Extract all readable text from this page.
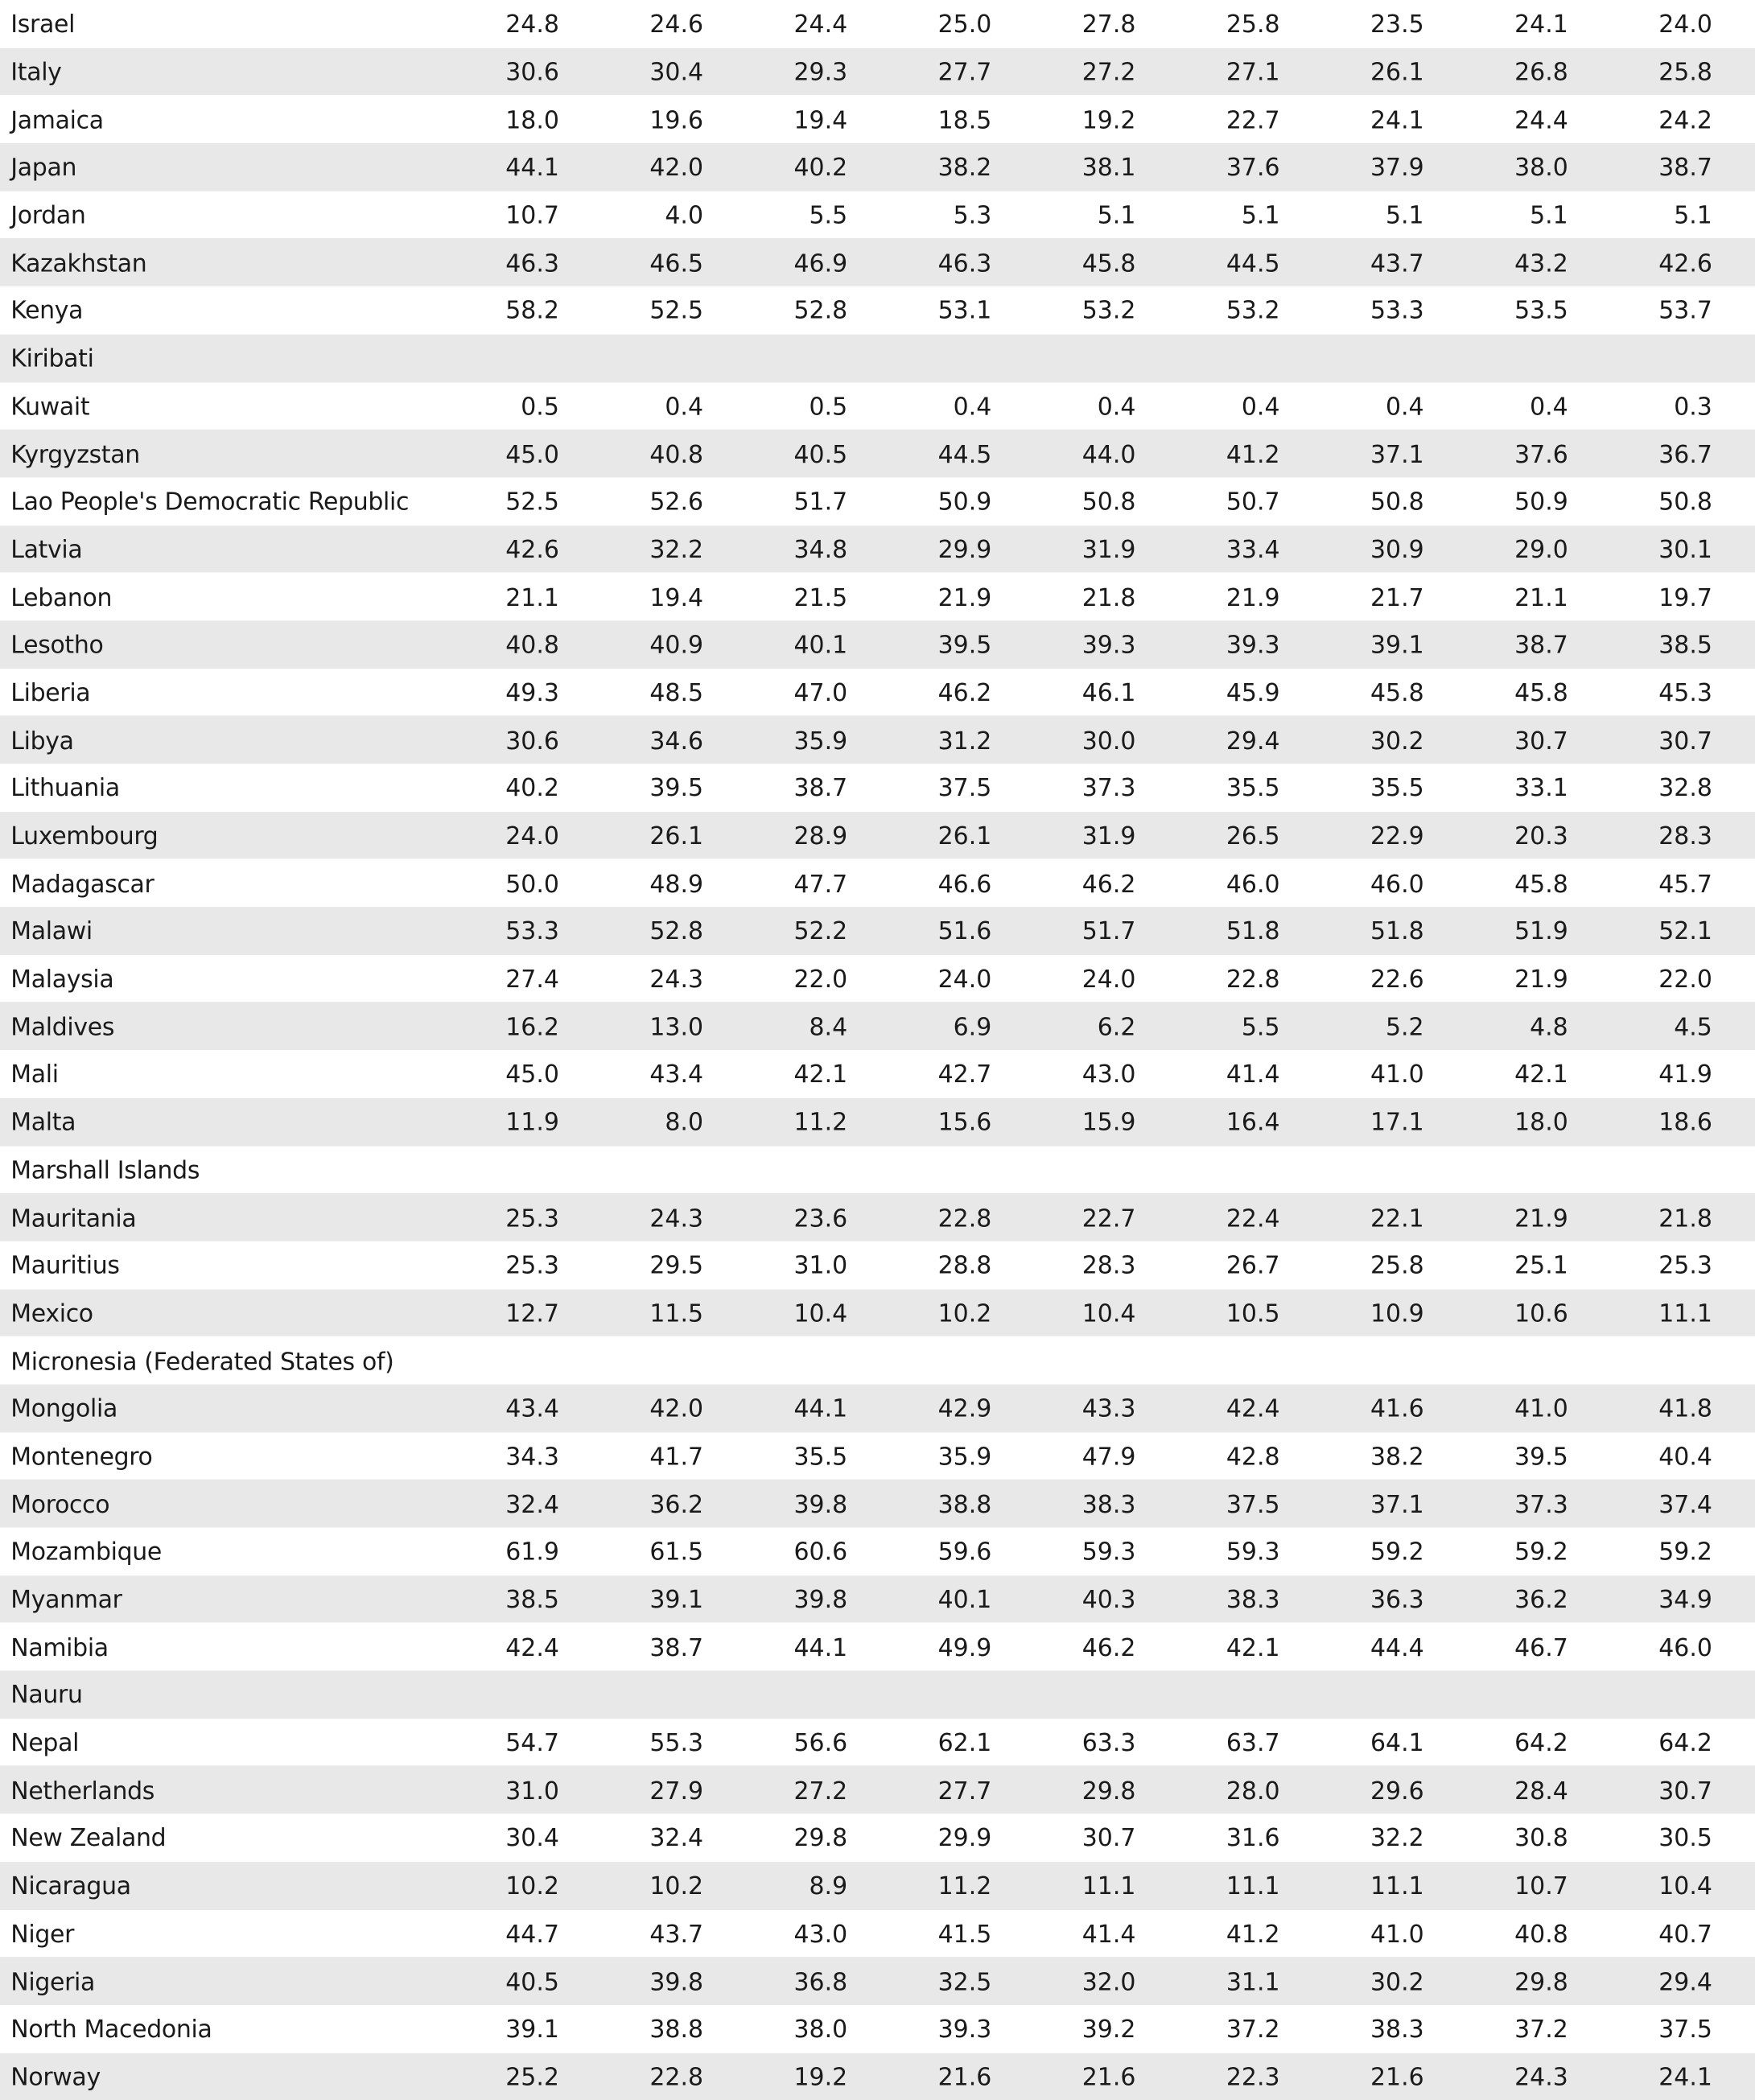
Israel	24.8	24.6	24.4	25.0	27.8	25.8	23.5	24.1	24.0
Italy	30.6	30.4	29.3	27.7	27.2	27.1	26.1	26.8	25.8
Jamaica	18.0	19.6	19.4	18.5	19.2	22.7	24.1	24.4	24.2
Japan	44.1	42.0	40.2	38.2	38.1	37.6	37.9	38.0	38.7
Jordan	10.7	4.0	5.5	5.3	5.1	5.1	5.1	5.1	5.1
Kazakhstan	46.3	46.5	46.9	46.3	45.8	44.5	43.7	43.2	42.6
Kenya	58.2	52.5	52.8	53.1	53.2	53.2	53.3	53.5	53.7
Kiribati
Kuwait	0.5	0.4	0.5	0.4	0.4	0.4	0.4	0.4	0.3
Kyrgyzstan	45.0	40.8	40.5	44.5	44.0	41.2	37.1	37.6	36.7
Lao People's Democratic Republic	52.5	52.6	51.7	50.9	50.8	50.7	50.8	50.9	50.8
Latvia	42.6	32.2	34.8	29.9	31.9	33.4	30.9	29.0	30.1
Lebanon	21.1	19.4	21.5	21.9	21.8	21.9	21.7	21.1	19.7
Lesotho	40.8	40.9	40.1	39.5	39.3	39.3	39.1	38.7	38.5
Liberia	49.3	48.5	47.0	46.2	46.1	45.9	45.8	45.8	45.3
Libya	30.6	34.6	35.9	31.2	30.0	29.4	30.2	30.7	30.7
Lithuania	40.2	39.5	38.7	37.5	37.3	35.5	35.5	33.1	32.8
Luxembourg	24.0	26.1	28.9	26.1	31.9	26.5	22.9	20.3	28.3
Madagascar	50.0	48.9	47.7	46.6	46.2	46.0	46.0	45.8	45.7
Malawi	53.3	52.8	52.2	51.6	51.7	51.8	51.8	51.9	52.1
Malaysia	27.4	24.3	22.0	24.0	24.0	22.8	22.6	21.9	22.0
Maldives	16.2	13.0	8.4	6.9	6.2	5.5	5.2	4.8	4.5
Mali	45.0	43.4	42.1	42.7	43.0	41.4	41.0	42.1	41.9
Malta	11.9	8.0	11.2	15.6	15.9	16.4	17.1	18.0	18.6
Marshall Islands
Mauritania	25.3	24.3	23.6	22.8	22.7	22.4	22.1	21.9	21.8
Mauritius	25.3	29.5	31.0	28.8	28.3	26.7	25.8	25.1	25.3
Mexico	12.7	11.5	10.4	10.2	10.4	10.5	10.9	10.6	11.1
Micronesia (Federated States of)
Mongolia	43.4	42.0	44.1	42.9	43.3	42.4	41.6	41.0	41.8
Montenegro	34.3	41.7	35.5	35.9	47.9	42.8	38.2	39.5	40.4
Morocco	32.4	36.2	39.8	38.8	38.3	37.5	37.1	37.3	37.4
Mozambique	61.9	61.5	60.6	59.6	59.3	59.3	59.2	59.2	59.2
Myanmar	38.5	39.1	39.8	40.1	40.3	38.3	36.3	36.2	34.9
Namibia	42.4	38.7	44.1	49.9	46.2	42.1	44.4	46.7	46.0
Nauru
Nepal	54.7	55.3	56.6	62.1	63.3	63.7	64.1	64.2	64.2
Netherlands	31.0	27.9	27.2	27.7	29.8	28.0	29.6	28.4	30.7
New Zealand	30.4	32.4	29.8	29.9	30.7	31.6	32.2	30.8	30.5
Nicaragua	10.2	10.2	8.9	11.2	11.1	11.1	11.1	10.7	10.4
Niger	44.7	43.7	43.0	41.5	41.4	41.2	41.0	40.8	40.7
Nigeria	40.5	39.8	36.8	32.5	32.0	31.1	30.2	29.8	29.4
North Macedonia	39.1	38.8	38.0	39.3	39.2	37.2	38.3	37.2	37.5
Norway	25.2	22.8	19.2	21.6	21.6	22.3	21.6	24.3	24.1
